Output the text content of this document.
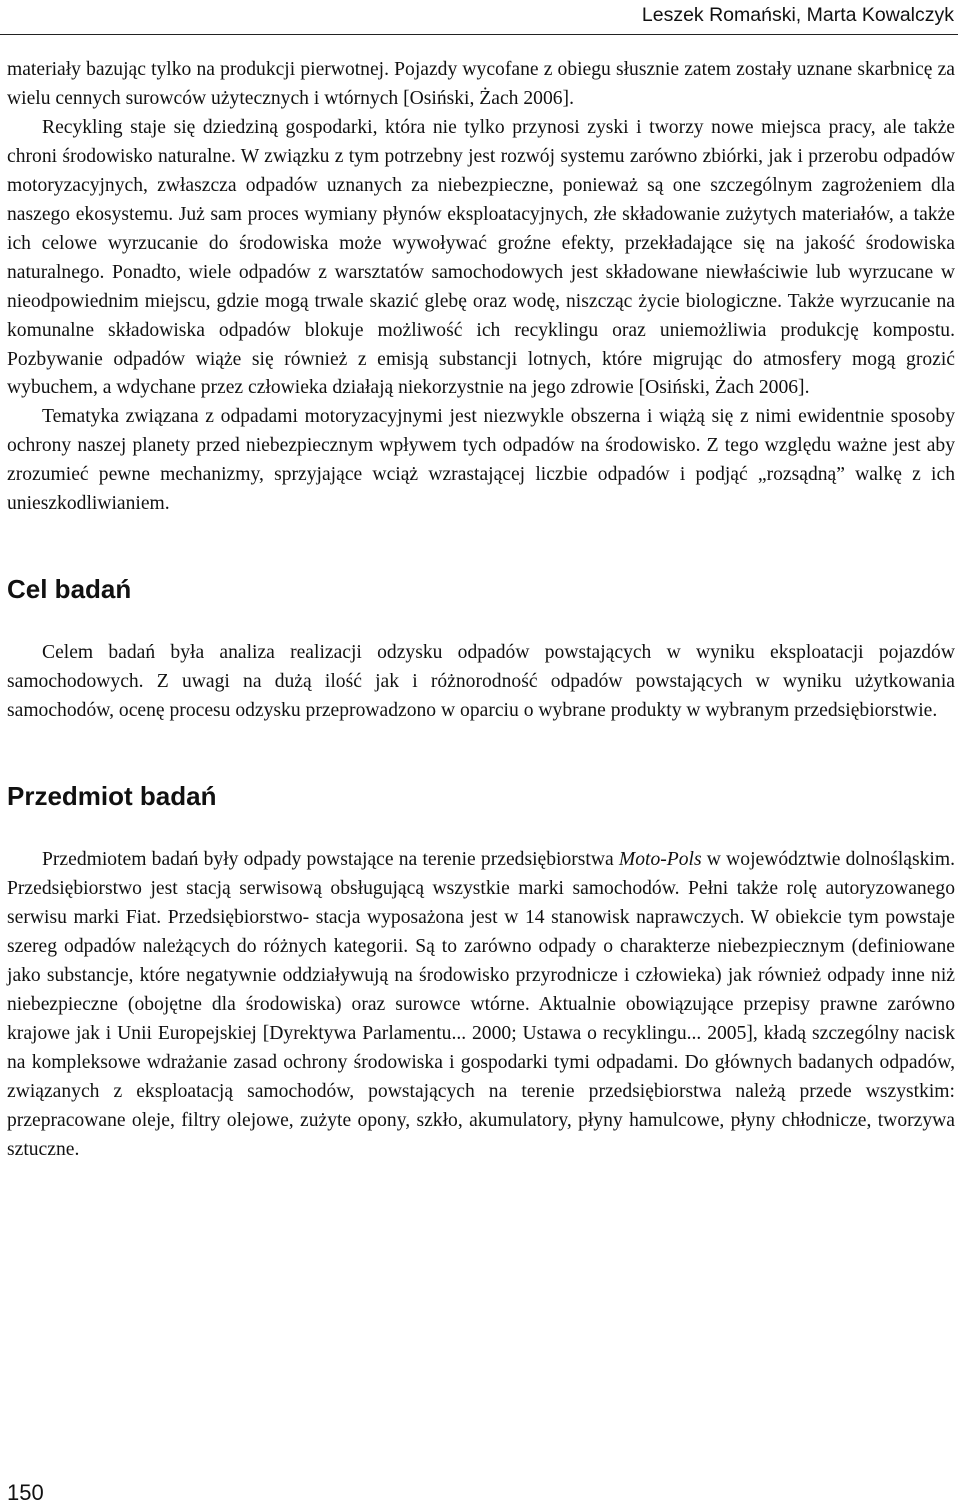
Leszek Romański, Marta Kowalczyk

materiały bazując tylko na produkcji pierwotnej. Pojazdy wycofane z obiegu słusznie zatem zostały uznane skarbnicę za wielu cennych surowców użytecznych i wtórnych [Osiński, Żach 2006].

Recykling staje się dziedziną gospodarki, która nie tylko przynosi zyski i tworzy nowe miejsca pracy, ale także chroni środowisko naturalne. W związku z tym potrzebny jest rozwój systemu zarówno zbiórki, jak i przerobu odpadów motoryzacyjnych, zwłaszcza odpadów uznanych za niebezpieczne, ponieważ są one szczególnym zagrożeniem dla naszego ekosystemu. Już sam proces wymiany płynów eksploatacyjnych, złe składowanie zużytych materiałów, a także ich celowe wyrzucanie do środowiska może wywoływać groźne efekty, przekładające się na jakość środowiska naturalnego. Ponadto, wiele odpadów z warsztatów samochodowych jest składowane niewłaściwie lub wyrzucane w nieodpowiednim miejscu, gdzie mogą trwale skazić glebę oraz wodę, niszcząc życie biologiczne. Także wyrzucanie na komunalne składowiska odpadów blokuje możliwość ich recyklingu oraz uniemożliwia produkcję kompostu. Pozbywanie odpadów wiąże się również z emisją substancji lotnych, które migrując do atmosfery mogą grozić wybuchem, a wdychane przez człowieka działają niekorzystnie na jego zdrowie [Osiński, Żach 2006].

Tematyka związana z odpadami motoryzacyjnymi jest niezwykle obszerna i wiążą się z nimi ewidentnie sposoby ochrony naszej planety przed niebezpiecznym wpływem tych odpadów na środowisko. Z tego względu ważne jest aby zrozumieć pewne mechanizmy, sprzyjające wciąż wzrastającej liczbie odpadów i podjąć „rozsądną” walkę z ich unieszkodliwianiem.

Cel badań

Celem badań była analiza realizacji odzysku odpadów powstających w wyniku eksploatacji pojazdów samochodowych. Z uwagi na dużą ilość jak i różnorodność odpadów powstających w wyniku użytkowania samochodów, ocenę procesu odzysku przeprowadzono w oparciu o wybrane produkty w wybranym przedsiębiorstwie.

Przedmiot badań

Przedmiotem badań były odpady powstające na terenie przedsiębiorstwa Moto-Pols w województwie dolnośląskim. Przedsiębiorstwo jest stacją serwisową obsługującą wszystkie marki samochodów. Pełni także rolę autoryzowanego serwisu marki Fiat. Przedsiębiorstwo- stacja wyposażona jest w 14 stanowisk naprawczych. W obiekcie tym powstaje szereg odpadów należących do różnych kategorii. Są to zarówno odpady o charakterze niebezpiecznym (definiowane jako substancje, które negatywnie oddziaływują na środowisko przyrodnicze i człowieka) jak również odpady inne niż niebezpieczne (obojętne dla środowiska) oraz surowce wtórne. Aktualnie obowiązujące przepisy prawne zarówno krajowe jak i Unii Europejskiej [Dyrektywa Parlamentu... 2000; Ustawa o recyklingu... 2005], kładą szczególny nacisk na kompleksowe wdrażanie zasad ochrony środowiska i gospodarki tymi odpadami. Do głównych badanych odpadów, związanych z eksploatacją samochodów, powstających na terenie przedsiębiorstwa należą przede wszystkim: przepracowane oleje, filtry olejowe, zużyte opony, szkło, akumulatory, płyny hamulcowe, płyny chłodnicze, tworzywa sztuczne.

150
